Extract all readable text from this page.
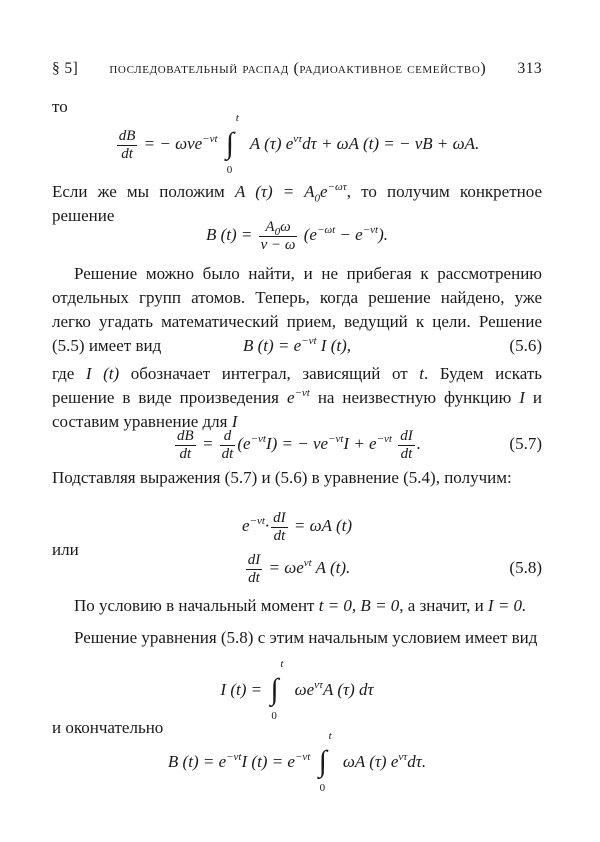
§ 5] последовательный распад (радиоактивное семейство) 313
то
$\frac{dB}{dt}$ = − ωνe$^{-\nu t}$
t
∫
0
A (τ) $e^{\nu\tau}d\tau + \omega A$ (t) = − νB + ωA.
Если же мы положим A $(\tau) = A_0e^{-\omega\tau}$, то получим конкретное решение
B $(t) = \frac{A_0\omega}{\nu - \omega} (e^{-\omega t} - e^{-\nu t})$.
Решение можно было найти, и не прибегая к рассмотрению отдельных групп атомов. Теперь, когда решение найдено, уже легко угадать математический прием, ведущий к цели. Решение (5.5) имеет вид	B $(t) = e^{-\nu t}$ I (t),	(5.6)
где I (t) обозначает интеграл, зависящий от t. Будем искать решение в виде произведения $e^{-\nu t}$ на неизвестную функцию I и составим уравнение для I
$\frac{dB}{dt} = \frac{d}{dt} (e^{-\nu t}I)$ = − $\nu e^{-\nu t}I + e^{-\nu t} \frac{dI}{dt}$ .	(5.7)
Подставляя выражения (5.7) и (5.6) в уравнение (5.4), получим:
$e^{-\nu t}\cdot \frac{dI}{dt} = \omega A$ (t)
или
$\frac{dI}{dt} = \omega e^{\nu t}$ A (t).	(5.8)
По условию в начальный момент t = 0, B = 0, а значит, и I = 0.
Решение уравнения (5.8) с этим начальным условием имеет вид
I (t) =
t
∫
0
$\omega e^{\nu\tau}A$ (τ) dτ
и окончательно
B $(t) = e^{-\nu t}I$ $(t) = e^{-\nu t}$
t
∫
0
ωA (τ) $e^{\nu\tau}d\tau$.
